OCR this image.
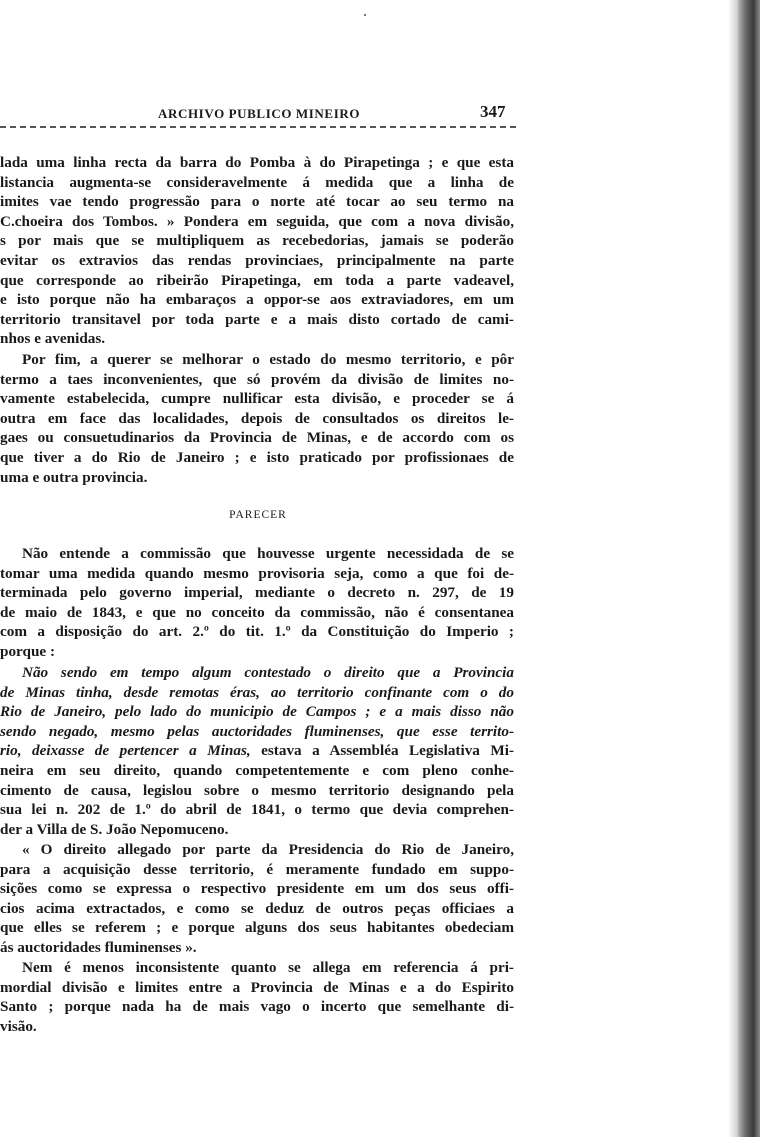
ARCHIVO PUBLICO MINEIRO	347
lada uma linha recta da barra do Pomba à do Pirapetinga ; e que esta
listancia augmenta-se consideravelmente á medida que a linha de
imites vae tendo progressão para o norte até tocar ao seu termo na
C.choeira dos Tombos. » Pondera em seguida, que com a nova divisão,
s por mais que se multipliquem as recebedorias, jamais se poderão
evitar os extravios das rendas provinciaes, principalmente na parte
que corresponde ao ribeirão Pirapetinga, em toda a parte vadeavel,
e isto porque não ha embaraços a oppor-se aos extraviadores, em um
territorio transitavel por toda parte e a mais disto cortado de cami-
nhos e avenidas.
Por fim, a querer se melhorar o estado do mesmo territorio, e pôr
termo a taes inconvenientes, que só provém da divisão de limites no-
vamente estabelecida, cumpre nullificar esta divisão, e proceder se á
outra em face das localidades, depois de consultados os direitos le-
gaes ou consuetudinarios da Provincia de Minas, e de accordo com os
que tiver a do Rio de Janeiro ; e isto praticado por profissionaes de
uma e outra provincia.
PARECER
Não entende a commissão que houvesse urgente necessidada de se
tomar uma medida quando mesmo provisoria seja, como a que foi de-
terminada pelo governo imperial, mediante o decreto n. 297, de 19
de maio de 1843, e que no conceito da commissão, não é consentanea
com a disposição do art. 2.º do tit. 1.º da Constituição do Imperio ;
porque :
Não sendo em tempo algum contestado o direito que a Provincia
de Minas tinha, desde remotas éras, ao territorio confinante com o do
Rio de Janeiro, pelo lado do municipio de Campos ; e a mais disso não
sendo negado, mesmo pelas auctoridades fluminenses, que esse territo-
rio, deixasse de pertencer a Minas, estava a Assembléa Legislativa Mi-
neira em seu direito, quando competentemente e com pleno conhe-
cimento de causa, legislou sobre o mesmo territorio designando pela
sua lei n. 202 de 1.º do abril de 1841, o termo que devia comprehen-
der a Villa de S. João Nepomuceno.
« O direito allegado por parte da Presidencia do Rio de Janeiro,
para a acquisição desse territorio, é meramente fundado em suppo-
sições como se expressa o respectivo presidente em um dos seus offi-
cios acima extractados, e como se deduz de outros peças officiaes a
que elles se referem ; e porque alguns dos seus habitantes obedeciam
ás auctoridades fluminenses ».
Nem é menos inconsistente quanto se allega em referencia á pri-
mordial divisão e limites entre a Provincia de Minas e a do Espirito
Santo ; porque nada ha de mais vago o incerto que semelhante di-
visão.
